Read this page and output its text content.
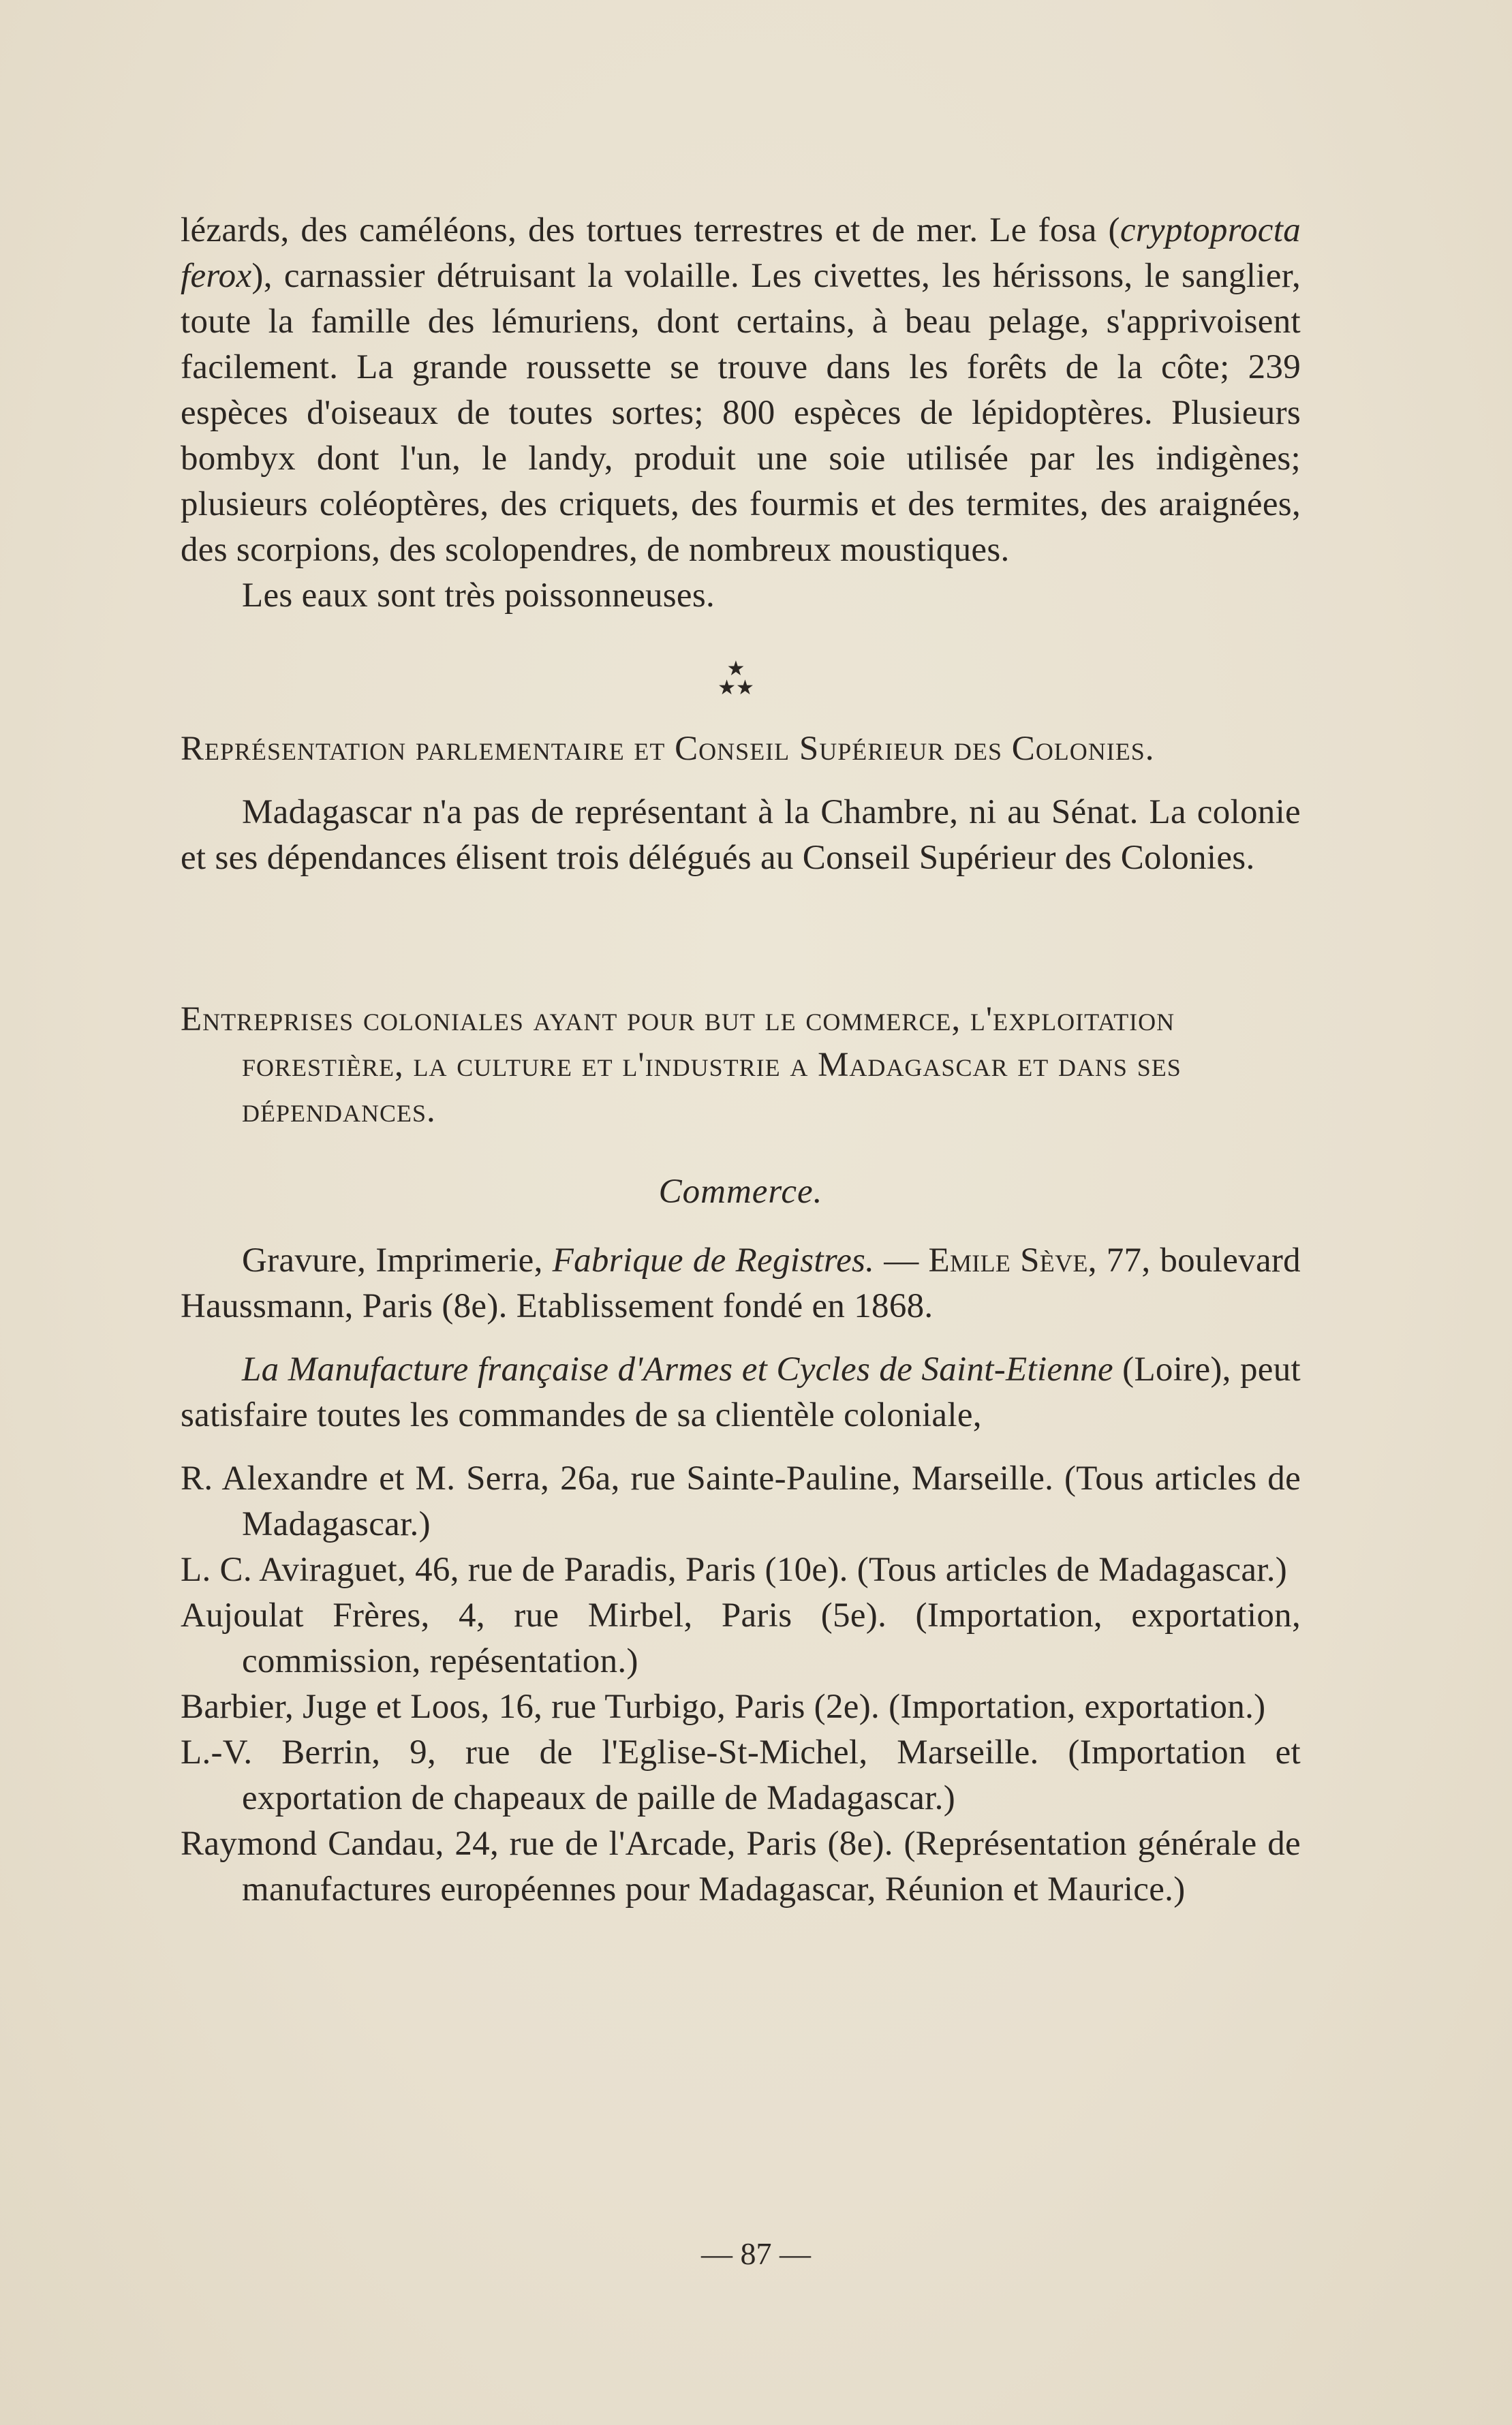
lézards, des caméléons, des tortues terrestres et de mer. Le fosa (cryptoprocta ferox), carnassier détruisant la volaille. Les civettes, les hérissons, le sanglier, toute la famille des lémuriens, dont certains, à beau pelage, s'apprivoisent facilement. La grande roussette se trouve dans les forêts de la côte; 239 espèces d'oiseaux de toutes sortes; 800 espèces de lépidoptères. Plusieurs bombyx dont l'un, le landy, produit une soie utilisée par les indigènes; plusieurs coléoptères, des criquets, des fourmis et des termites, des araignées, des scorpions, des scolopendres, de nombreux moustiques.

Les eaux sont très poissonneuses.

★
★★

Représentation parlementaire et Conseil Supérieur des Colonies.

Madagascar n'a pas de représentant à la Chambre, ni au Sénat. La colonie et ses dépendances élisent trois délégués au Conseil Supérieur des Colonies.

Entreprises coloniales ayant pour but le commerce, l'exploitation forestière, la culture et l'industrie a Madagascar et dans ses dépendances.

Commerce.

Gravure, Imprimerie, Fabrique de Registres. — Emile Sève, 77, boulevard Haussmann, Paris (8e). Etablissement fondé en 1868.

La Manufacture française d'Armes et Cycles de Saint-Etienne (Loire), peut satisfaire toutes les commandes de sa clientèle coloniale,

R. Alexandre et M. Serra, 26a, rue Sainte-Pauline, Marseille. (Tous articles de Madagascar.)

L. C. Aviraguet, 46, rue de Paradis, Paris (10e). (Tous articles de Madagascar.)

Aujoulat Frères, 4, rue Mirbel, Paris (5e). (Importation, exportation, commission, repésentation.)

Barbier, Juge et Loos, 16, rue Turbigo, Paris (2e). (Importation, exportation.)

L.-V. Berrin, 9, rue de l'Eglise-St-Michel, Marseille. (Importation et exportation de chapeaux de paille de Madagascar.)

Raymond Candau, 24, rue de l'Arcade, Paris (8e). (Représentation générale de manufactures européennes pour Madagascar, Réunion et Maurice.)

— 87 —
